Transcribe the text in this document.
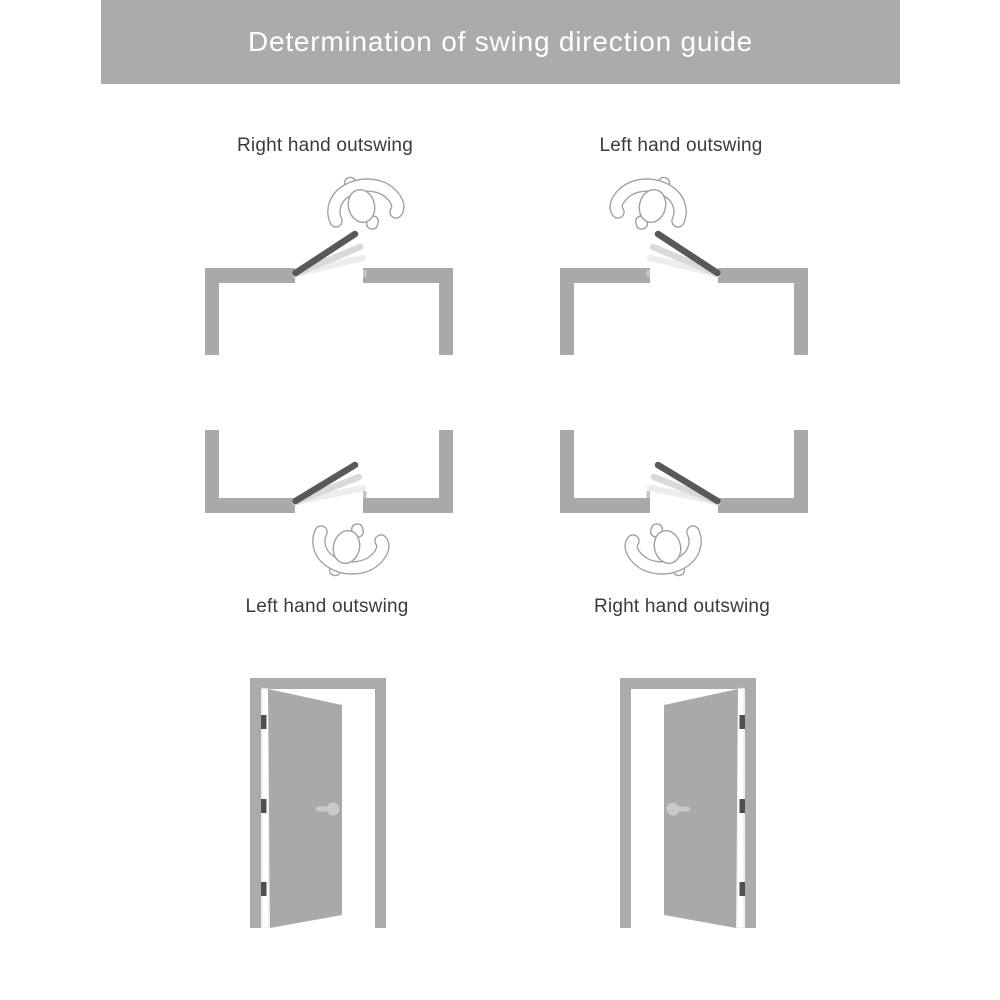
Determination of swing direction guide
Right hand outswing	Left hand outswing
Left hand outswing	Right hand outswing
